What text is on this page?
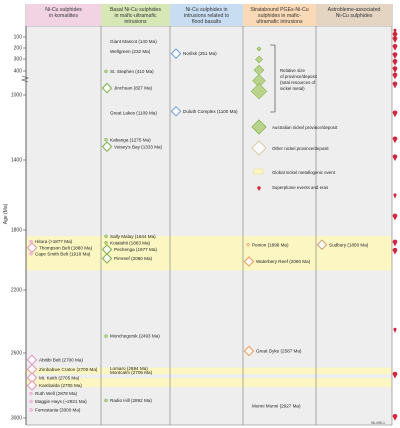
Ni-Cu sulphides
in komatiites
Basal Ni-Cu sulphides
in mafic-ultramafic
intrusions
Ni-Cu sulphides in
intrusions related to
flood basalts
Stratabound PGEs-Ni-Cu
sulphides in mafic-
ultramafic intrusions
Astrobleme-associated
Ni-Cu sulphides
100
200
300
400
1000
1400
1800
2200
2600
3000
Hitura (>1877 Ma)
Thompson Belt (1880 Ma)
Cape Smith Belt (1918 Ma)
Abitibi Belt (2700 Ma)
Zimbabwe Craton (2700 Ma)
Mt. Keith (2705 Ma)
Kambalda (2705 Ma)
Ruth Well (2878 Ma)
Maggie Hays (~2921 Ma)
Forrestania (3000 Ma)
Giant Mascot (140 Ma)
Wellgreen (232 Ma)
St. Stephen (410 Ma)
Jinchuan (827 Ma)
Great Lakes (1109 Ma)
Kabanga (1275 Ma)
Voisey's Bay (1333 Ma)
Sally Malay (1844 Ma)
Kotalahti (1883 Ma)
Pechenga (1977 Ma)
Pimreef (2060 Ma)
Monchegorsk (2493 Ma)
Lomaro (2694 Ma)
Montcalm (2705 Ma)
Radio Hill (2892 Ma)
Norilsk (251 Ma)
Duluth Complex (1100 Ma)
Munni Munni (2927 Ma)
Great Dyke (2587 Ma)
Waterbery Reef (2060 Ma)
Penion (1898 Ma)	Sudbury (1850 Ma)
Relative size
of province/deposit
(total resources of
nickel metal)
Australian nickel province/deposit
Other nickel province/deposit
Global nickel metallogenic event
Superplume events and eras
Age (Ma)
06-495-1
